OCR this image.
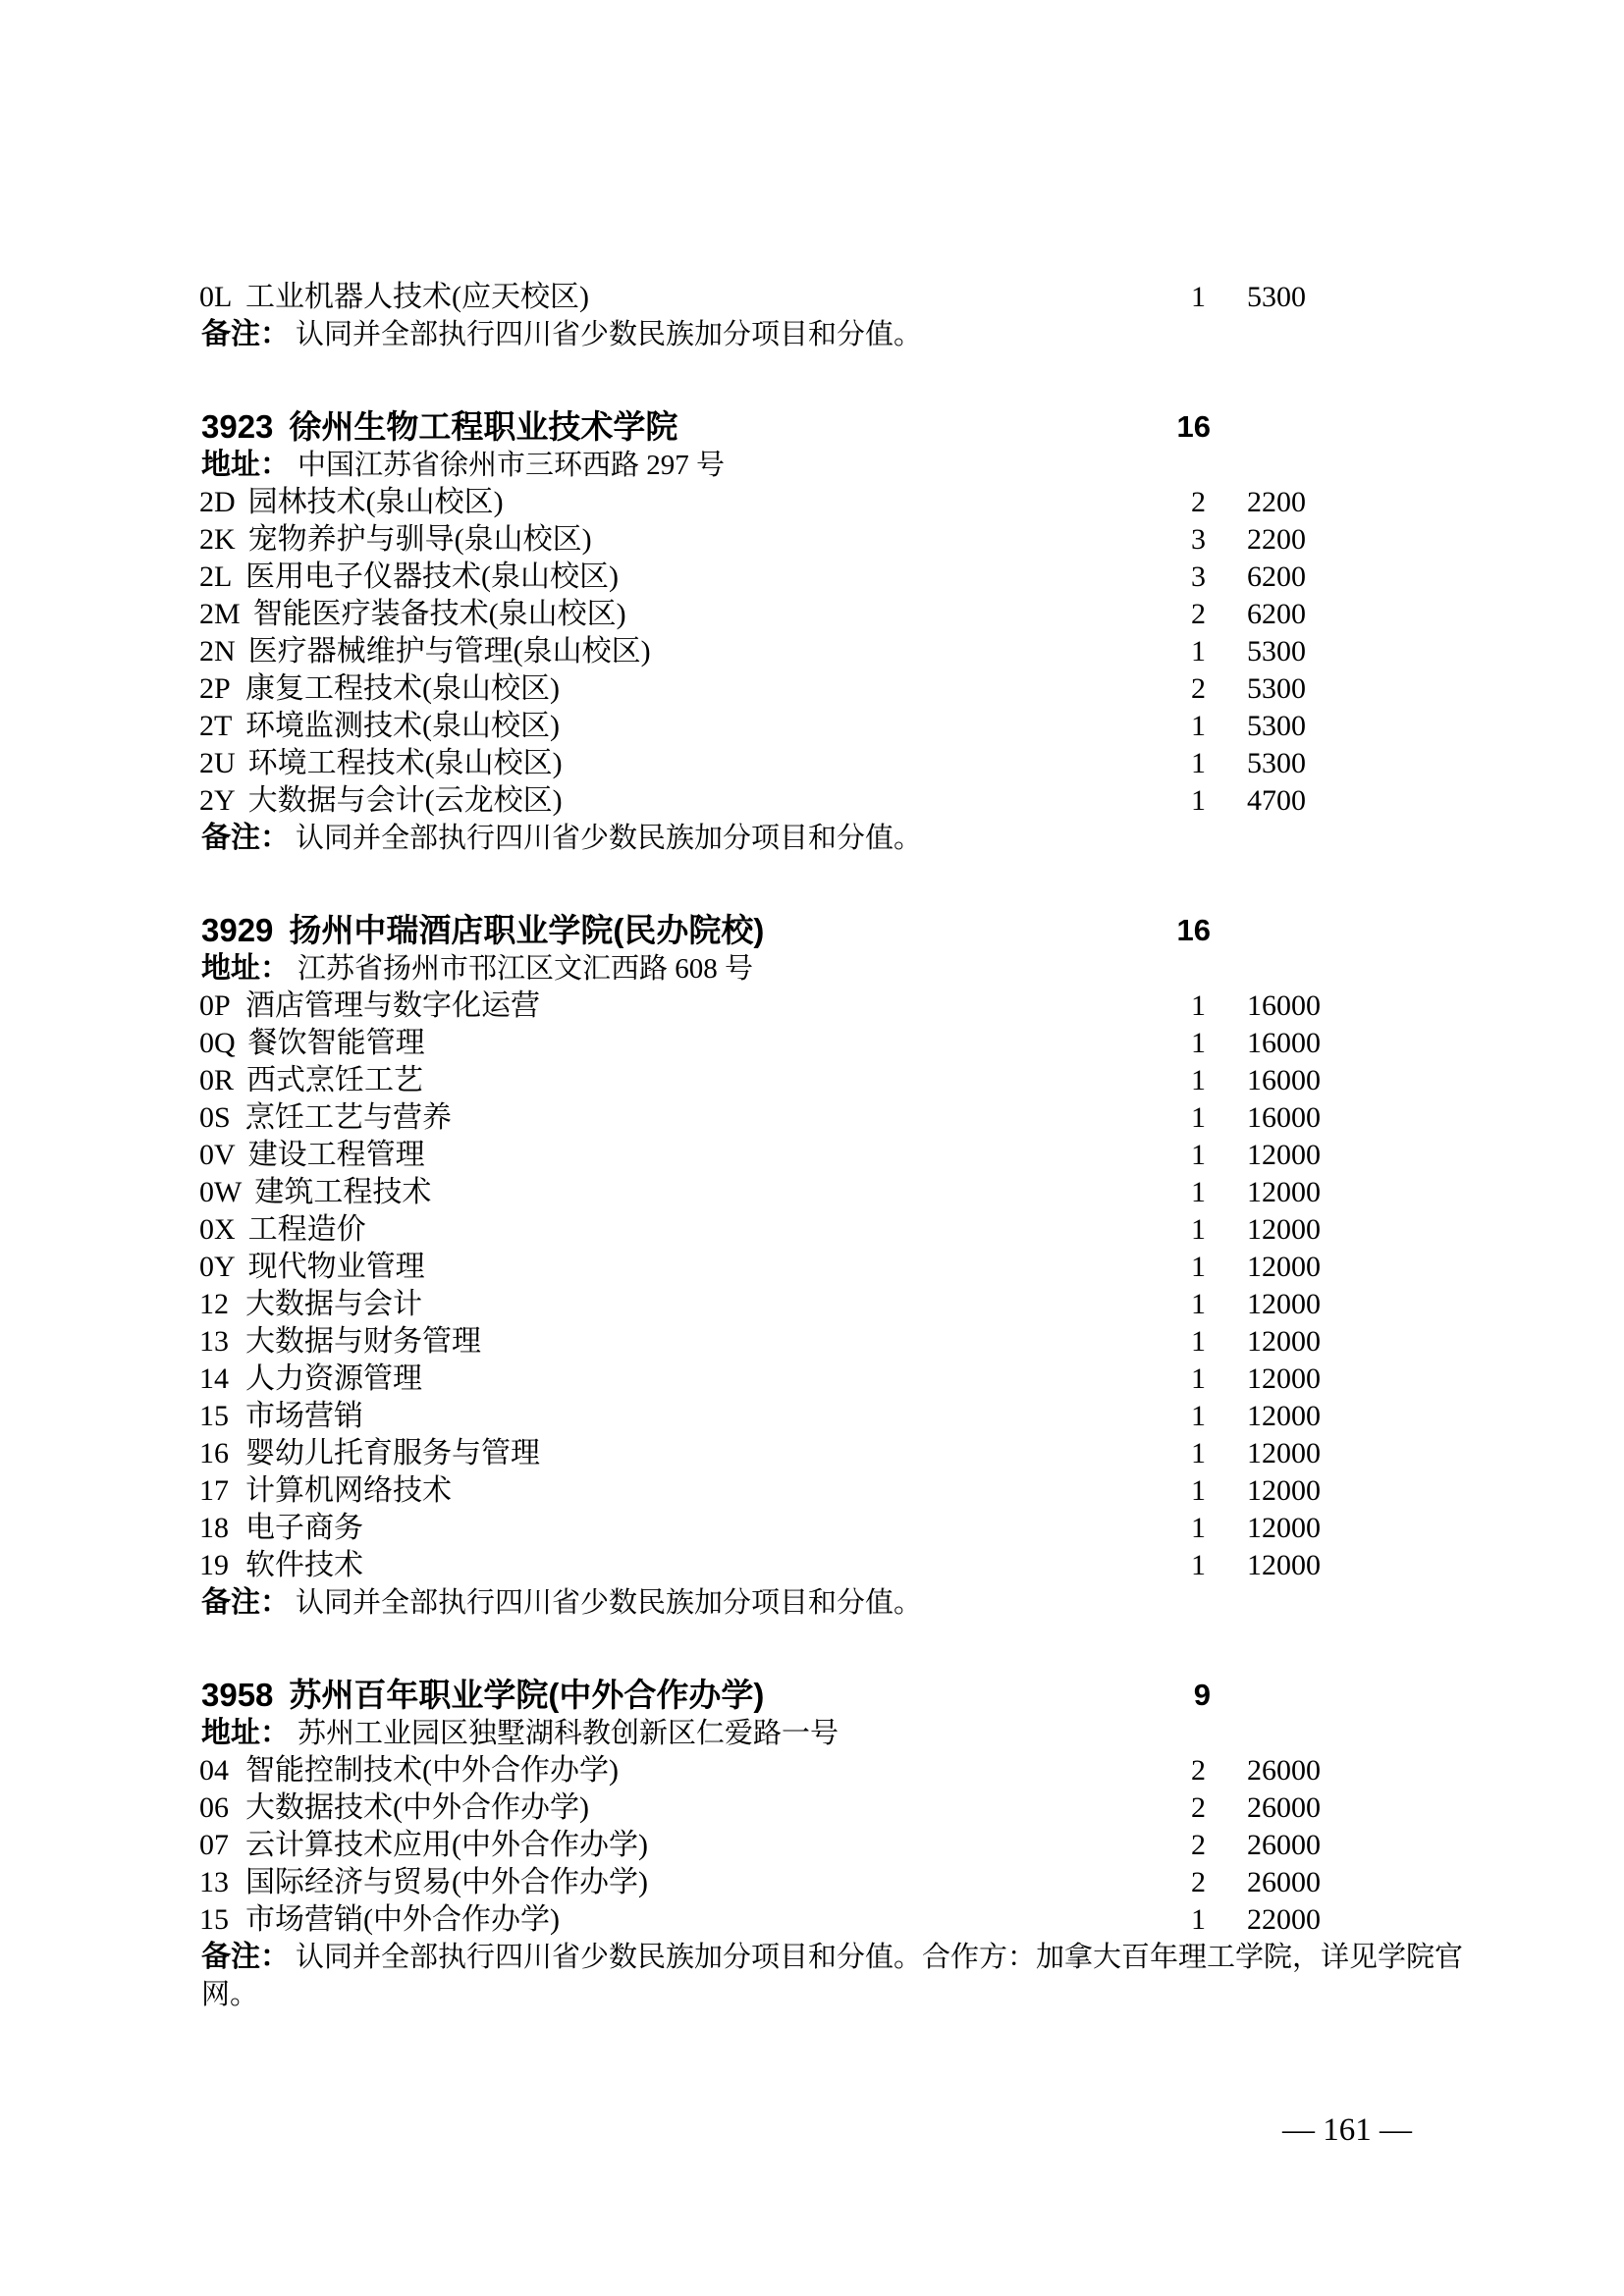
0L 工业机器人技术(应天校区)	1 5300
备注： 认同并全部执行四川省少数民族加分项目和分值。
3923 徐州生物工程职业技术学院	16
地址： 中国江苏省徐州市三环西路 297 号
2D 园林技术(泉山校区)	2 2200
2K 宠物养护与驯导(泉山校区)	3 2200
2L 医用电子仪器技术(泉山校区)	3 6200
2M 智能医疗装备技术(泉山校区)	2 6200
2N 医疗器械维护与管理(泉山校区)	1 5300
2P 康复工程技术(泉山校区)	2 5300
2T 环境监测技术(泉山校区)	1 5300
2U 环境工程技术(泉山校区)	1 5300
2Y 大数据与会计(云龙校区)	1 4700
备注： 认同并全部执行四川省少数民族加分项目和分值。
3929 扬州中瑞酒店职业学院(民办院校)	16
地址： 江苏省扬州市邗江区文汇西路 608 号
0P 酒店管理与数字化运营	1 16000
0Q 餐饮智能管理	1 16000
0R 西式烹饪工艺	1 16000
0S 烹饪工艺与营养	1 16000
0V 建设工程管理	1 12000
0W 建筑工程技术	1 12000
0X 工程造价	1 12000
0Y 现代物业管理	1 12000
12 大数据与会计	1 12000
13 大数据与财务管理	1 12000
14 人力资源管理	1 12000
15 市场营销	1 12000
16 婴幼儿托育服务与管理	1 12000
17 计算机网络技术	1 12000
18 电子商务	1 12000
19 软件技术	1 12000
备注： 认同并全部执行四川省少数民族加分项目和分值。
3958 苏州百年职业学院(中外合作办学)	9
地址： 苏州工业园区独墅湖科教创新区仁爱路一号
04 智能控制技术(中外合作办学)	2 26000
06 大数据技术(中外合作办学)	2 26000
07 云计算技术应用(中外合作办学)	2 26000
13 国际经济与贸易(中外合作办学)	2 26000
15 市场营销(中外合作办学)	1 22000
备注： 认同并全部执行四川省少数民族加分项目和分值。合作方：加拿大百年理工学院，详见学院官网。
— 161 —
